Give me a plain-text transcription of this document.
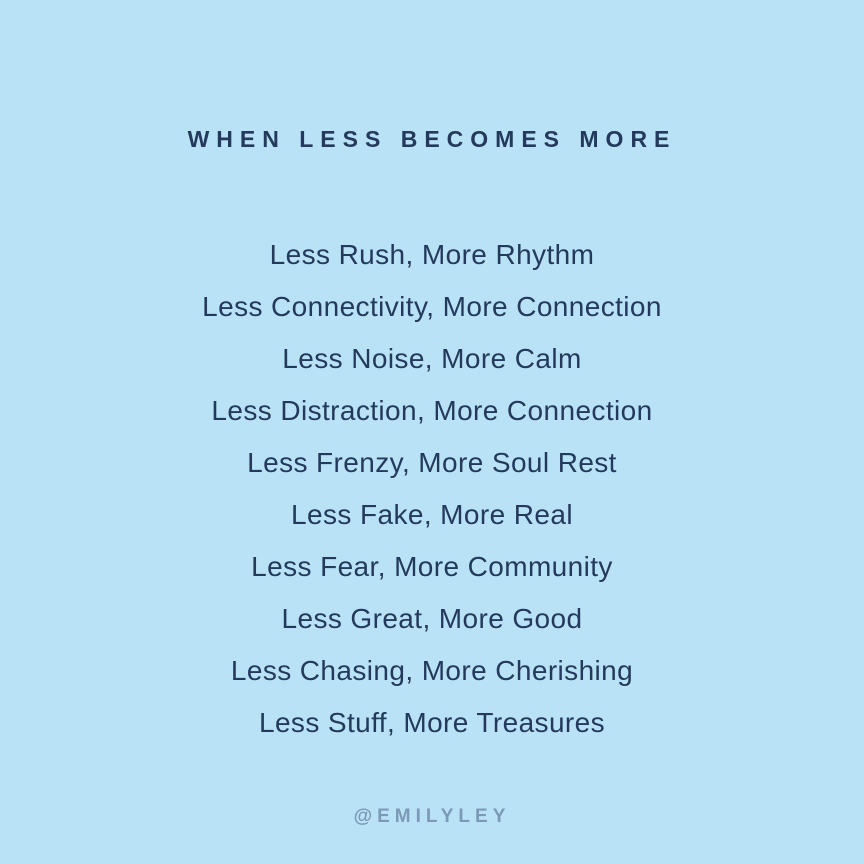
WHEN LESS BECOMES MORE

Less Rush, More Rhythm

Less Connectivity, More Connection

Less Noise, More Calm

Less Distraction, More Connection

Less Frenzy, More Soul Rest

Less Fake, More Real

Less Fear, More Community

Less Great, More Good

Less Chasing, More Cherishing

Less Stuff, More Treasures

@EMILYLEY
